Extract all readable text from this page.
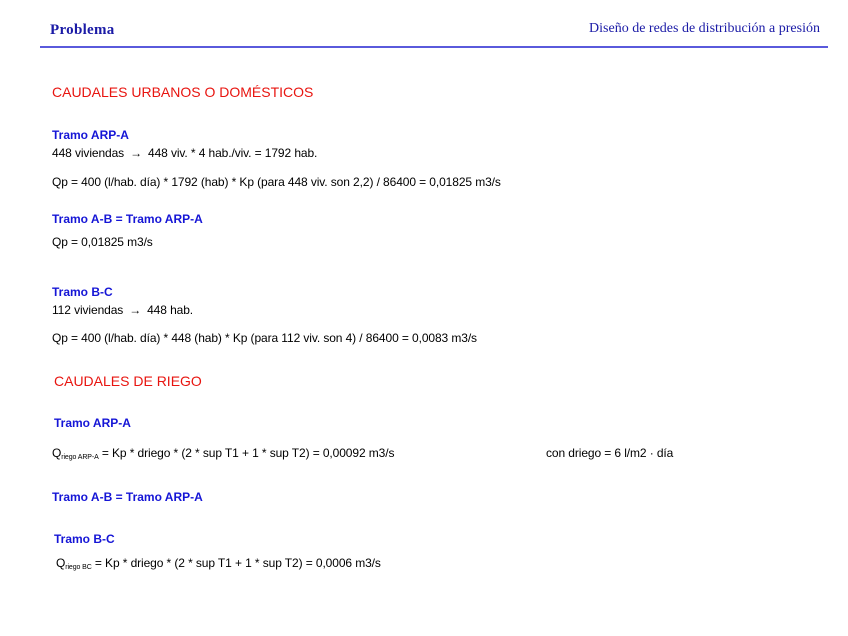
Problema	Diseño de redes de distribución a presión
CAUDALES URBANOS O DOMÉSTICOS
Tramo ARP-A
448 viviendas → 448 viv. * 4 hab./viv. = 1792 hab.
Qp = 400 (l/hab. día) * 1792 (hab) * Kp (para 448 viv. son 2,2) / 86400 = 0,01825 m3/s
Tramo A-B = Tramo ARP-A
Qp = 0,01825 m3/s
Tramo B-C
112 viviendas → 448 hab.
Qp = 400 (l/hab. día) * 448 (hab) * Kp (para 112 viv. son 4) / 86400 = 0,0083 m3/s
CAUDALES DE RIEGO
Tramo ARP-A
$Q_{riego ARP-A} = Kp$ * driego * (2 * sup T1 + 1 * sup T2) = 0,00092 m3/s	con driego = 6 l/m2 · día
Tramo A-B = Tramo ARP-A
Tramo B-C
$Q_{riego BC} = Kp$ * driego * (2 * sup T1 + 1 * sup T2) = 0,0006 m3/s
